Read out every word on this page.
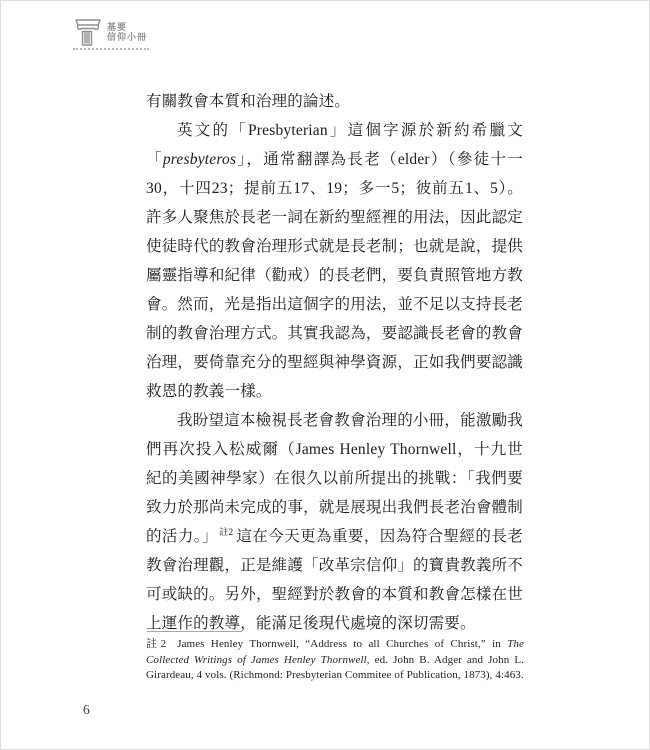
基要
信仰小冊

有關教會本質和治理的論述。

英文的「Presbyterian」這個字源於新約希臘文「presbyteros」，通常翻譯為長老（elder）（參徒十一30，十四23；提前五17、19；多一5；彼前五1、5）。許多人聚焦於長老一詞在新約聖經裡的用法，因此認定使徒時代的教會治理形式就是長老制；也就是說，提供屬靈指導和紀律（勸戒）的長老們，要負責照管地方教會。然而，光是指出這個字的用法，並不足以支持長老制的教會治理方式。其實我認為，要認識長老會的教會治理，要倚靠充分的聖經與神學資源，正如我們要認識救恩的教義一樣。

我盼望這本檢視長老會教會治理的小冊，能激勵我們再次投入松威爾（James Henley Thornwell，十九世紀的美國神學家）在很久以前所提出的挑戰：「我們要致力於那尚未完成的事，就是展現出我們長老治會體制的活力。」$^{註2}$ 這在今天更為重要，因為符合聖經的長老教會治理觀，正是維護「改革宗信仰」的寶貴教義所不可或缺的。另外，聖經對於教會的本質和教會怎樣在世上運作的教導，能滿足後現代處境的深切需要。

註2 James Henley Thornwell, “Address to all Churches of Christ,” in The Collected Writings of James Henley Thornwell, ed. John B. Adger and John L. Girardeau, 4 vols. (Richmond: Presbyterian Commitee of Publication, 1873), 4:463.

6
